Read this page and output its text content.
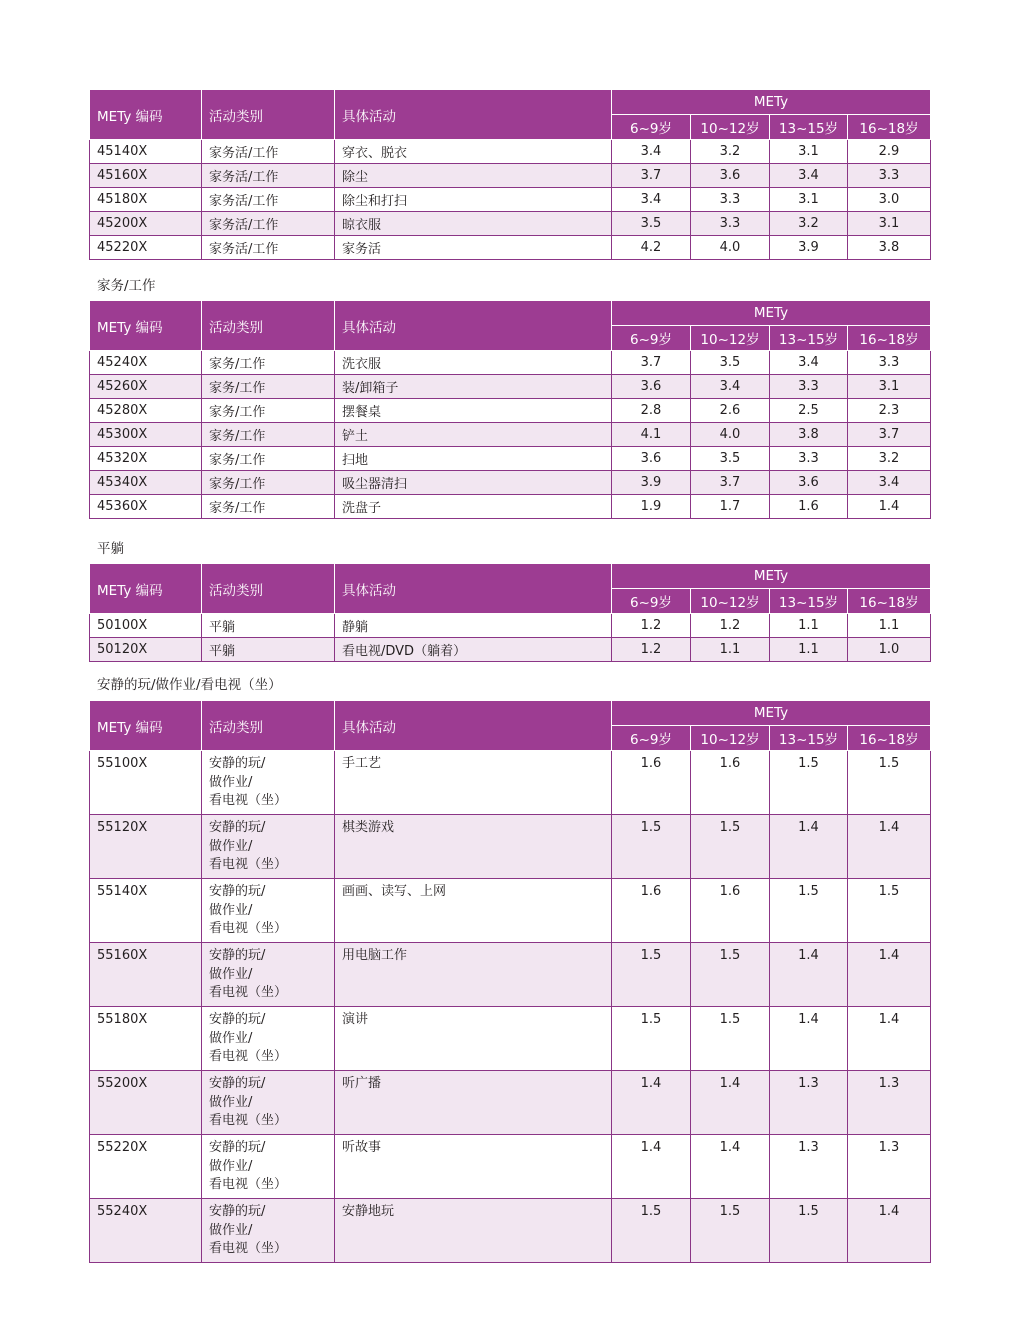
METy 编码	活动类别	具体活动	METy			
			6~9岁	10~12岁	13~15岁	16~18岁
45140X	家务活/工作	穿衣、脱衣	3.4	3.2	3.1	2.9
45160X	家务活/工作	除尘	3.7	3.6	3.4	3.3
45180X	家务活/工作	除尘和打扫	3.4	3.3	3.1	3.0
45200X	家务活/工作	晾衣服	3.5	3.3	3.2	3.1
45220X	家务活/工作	家务活	4.2	4.0	3.9	3.8
家务/工作
METy 编码	活动类别	具体活动	METy			
			6~9岁	10~12岁	13~15岁	16~18岁
45240X	家务/工作	洗衣服	3.7	3.5	3.4	3.3
45260X	家务/工作	装/卸箱子	3.6	3.4	3.3	3.1
45280X	家务/工作	摆餐桌	2.8	2.6	2.5	2.3
45300X	家务/工作	铲土	4.1	4.0	3.8	3.7
45320X	家务/工作	扫地	3.6	3.5	3.3	3.2
45340X	家务/工作	吸尘器清扫	3.9	3.7	3.6	3.4
45360X	家务/工作	洗盘子	1.9	1.7	1.6	1.4
平躺
METy 编码	活动类别	具体活动	METy			
			6~9岁	10~12岁	13~15岁	16~18岁
50100X	平躺	静躺	1.2	1.2	1.1	1.1
50120X	平躺	看电视/DVD（躺着）	1.2	1.1	1.1	1.0
安静的玩/做作业/看电视（坐）
METy 编码	活动类别	具体活动	METy			
			6~9岁	10~12岁	13~15岁	16~18岁
55100X	安静的玩/
做作业/
看电视（坐）	手工艺	1.6	1.6	1.5	1.5
55120X	安静的玩/
做作业/
看电视（坐）	棋类游戏	1.5	1.5	1.4	1.4
55140X	安静的玩/
做作业/
看电视（坐）	画画、读写、上网	1.6	1.6	1.5	1.5
55160X	安静的玩/
做作业/
看电视（坐）	用电脑工作	1.5	1.5	1.4	1.4
55180X	安静的玩/
做作业/
看电视（坐）	演讲	1.5	1.5	1.4	1.4
55200X	安静的玩/
做作业/
看电视（坐）	听广播	1.4	1.4	1.3	1.3
55220X	安静的玩/
做作业/
看电视（坐）	听故事	1.4	1.4	1.3	1.3
55240X	安静的玩/
做作业/
看电视（坐）	安静地玩	1.5	1.5	1.5	1.4
